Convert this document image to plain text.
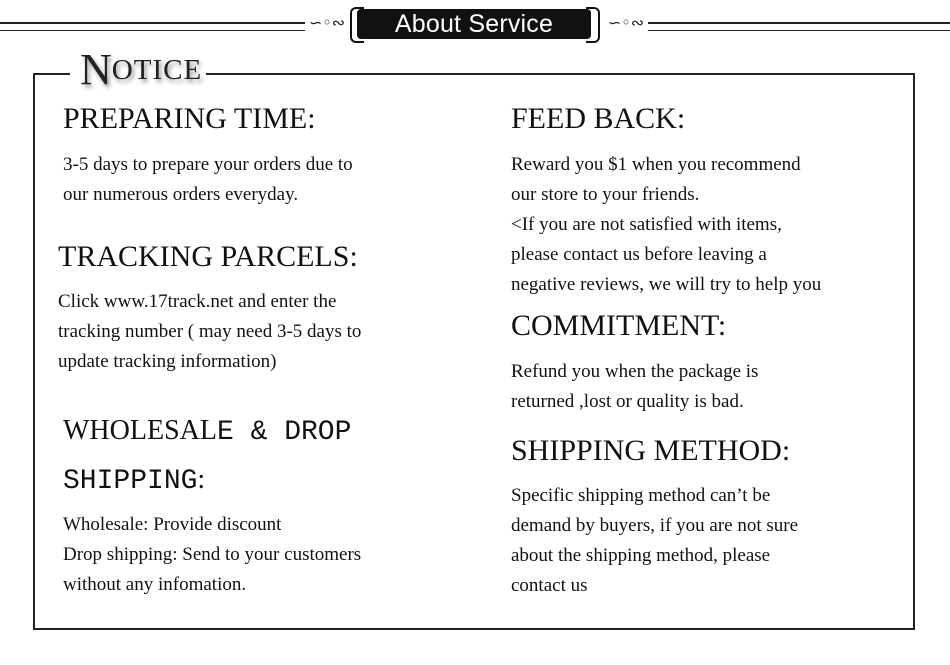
∽◦∾	About Service	∽◦∾
NOTICE
PREPARING TIME:
3-5 days to prepare your orders due to
our numerous orders everyday.
TRACKING PARCELS:
Click www.17track.net and enter the
tracking number ( may need 3-5 days to
update tracking information)
WHOLESALE & DROP
SHIPPING:
Wholesale: Provide discount
Drop shipping: Send to your customers
without any infomation.
FEED BACK:
Reward you $1 when you recommend
our store to your friends.
<If you are not satisfied with items,
please contact us before leaving a
negative reviews, we will try to help you
COMMITMENT:
Refund you when the package is
returned ,lost or quality is bad.
SHIPPING METHOD:
Specific shipping method can’t be
demand by buyers, if you are not sure
about the shipping method, please
contact us
